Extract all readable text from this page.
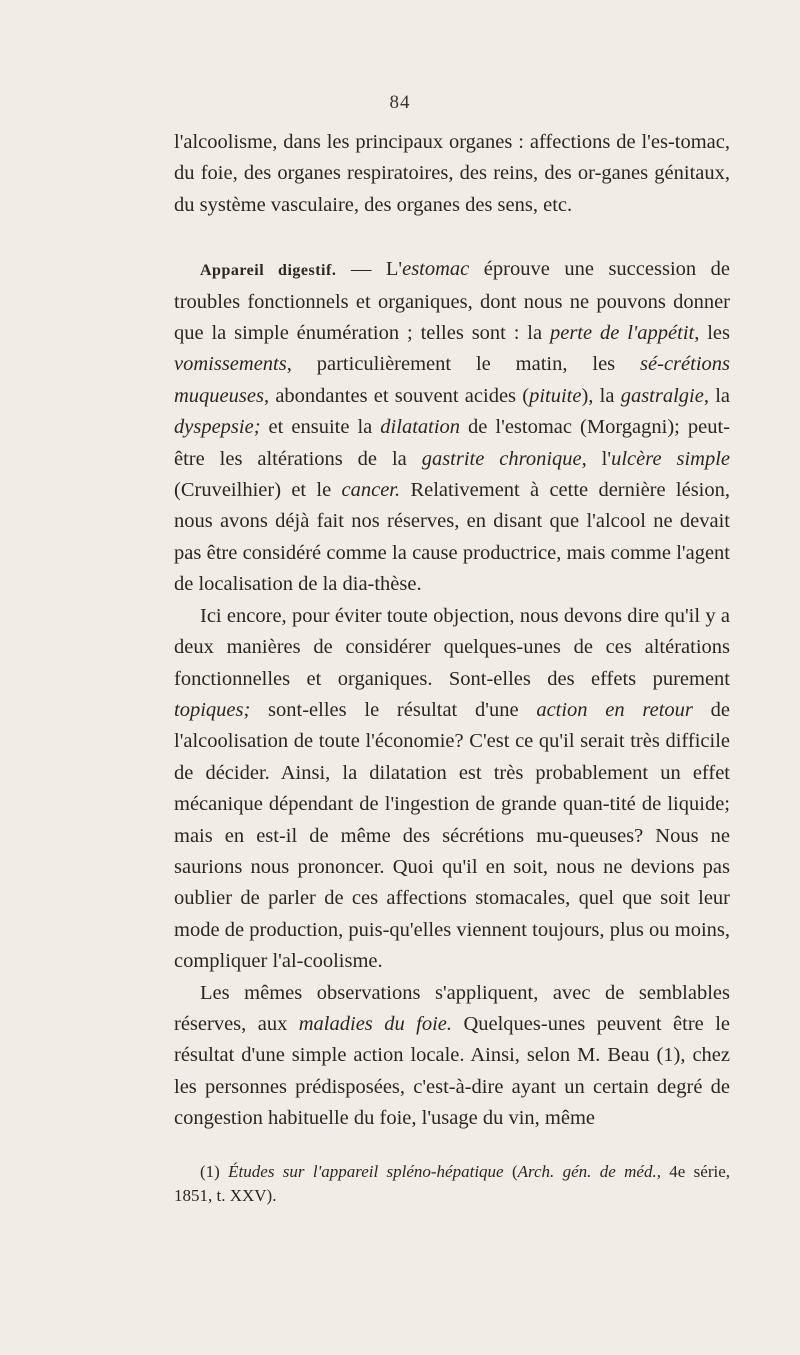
84

l'alcoolisme, dans les principaux organes : affections de l'es-tomac, du foie, des organes respiratoires, des reins, des or-ganes génitaux, du système vasculaire, des organes des sens, etc.

Appareil digestif. — L'estomac éprouve une succession de troubles fonctionnels et organiques, dont nous ne pouvons donner que la simple énumération ; telles sont : la perte de l'appétit, les vomissements, particulièrement le matin, les sé-crétions muqueuses, abondantes et souvent acides (pituite), la gastralgie, la dyspepsie; et ensuite la dilatation de l'estomac (Morgagni); peut-être les altérations de la gastrite chronique, l'ulcère simple (Cruveilhier) et le cancer. Relativement à cette dernière lésion, nous avons déjà fait nos réserves, en disant que l'alcool ne devait pas être considéré comme la cause productrice, mais comme l'agent de localisation de la dia-thèse.

Ici encore, pour éviter toute objection, nous devons dire qu'il y a deux manières de considérer quelques-unes de ces altérations fonctionnelles et organiques. Sont-elles des effets purement topiques; sont-elles le résultat d'une action en retour de l'alcoolisation de toute l'économie? C'est ce qu'il serait très difficile de décider. Ainsi, la dilatation est très probablement un effet mécanique dépendant de l'ingestion de grande quan-tité de liquide; mais en est-il de même des sécrétions mu-queuses? Nous ne saurions nous prononcer. Quoi qu'il en soit, nous ne devions pas oublier de parler de ces affections stomacales, quel que soit leur mode de production, puis-qu'elles viennent toujours, plus ou moins, compliquer l'al-coolisme.

Les mêmes observations s'appliquent, avec de semblables réserves, aux maladies du foie. Quelques-unes peuvent être le résultat d'une simple action locale. Ainsi, selon M. Beau (1), chez les personnes prédisposées, c'est-à-dire ayant un certain degré de congestion habituelle du foie, l'usage du vin, même

(1) Études sur l'appareil spléno-hépatique (Arch. gén. de méd., 4e série, 1851, t. XXV).
